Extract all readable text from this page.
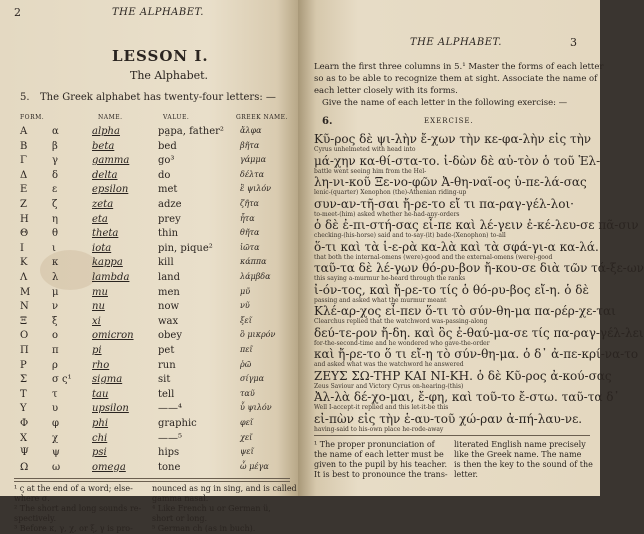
2	THE ALPHABET.
LESSON I.
The Alphabet.
5. The Greek alphabet has twenty-four letters: —
FORM.	NAME.	VALUE.	GREEK NAME.
Α α	alpha	pa̤pa, father² ἄλφα
Β β	beta	bed	βῆτα
Γ	γ	gamma	go³	γάμμα
Δ δ	delta	do	δέλτα
Ε ε	epsilon	met	ἒ ψιλόν
Ζ	ζ	zeta	adze	ζῆτα
Η η	eta	prey	ἦτα
Θ θ	theta	thin	θῆτα
Ι	ι	iota	pin, pique²	ἰῶτα
Κ κ	kappa	kill	κάππα
Λ λ	lambda	land	λάμβδα
Μ μ	mu	men	μῦ
Ν ν	nu	now	νῦ
Ξ ξ	xi	wax	ξεῖ
Ο ο	omicron obey	ὂ μικρόν
Π π	pi	pet	πεῖ
Ρ	ρ	rho	run	ῥῶ
Σ σ ς¹ sigma	sit	σίγμα
Τ	τ	tau	tell	ταῦ
Υ	υ	upsilon	——⁴	ὖ ψιλόν
Φ φ	phi	graphic	φεῖ
Χ χ	chi	——⁵	χεῖ
Ψ ψ	psi	hips	ψεῖ
Ω ω	omega	tone	ὦ μέγα
¹ ς at the end of a word; else-
where σ.
² The short and long sounds re-
spectively.
³ Before κ, γ, χ, or ξ, γ is pro-
nounced as ng in sing, and is called
gamma nasal.
⁴ Like French u or German ü,
short or long.
⁵ German ch (as in buch).
THE ALPHABET.	3
Learn the first three columns in 5.¹ Master the forms of each letter
so as to be able to recognize them at sight. Associate the name of
each letter closely with its forms.
Give the name of each letter in the following exercise: —
6.	EXERCISE.
Κῦ-ρος δὲ ψι-λὴν ἔ-χων τὴν κε-φα-λὴν εἰς τὴν
Cyrus unhelmeted with head into
μά-χην κα-θί-στα-το. ἰ-δὼν δὲ αὐ-τὸν ὁ τοῦ Ἑλ-
battle went seeing him from the Hel-
λη-νι-κοῦ Ξε-νο-φῶν Ἀ-θη-ναῖ-ος ὑ-πε-λά-σας
lenic-(quarter) Xenophon (the)-Athenian riding-up
συν-αν-τῆ-σαι ἤ-ρε-το εἴ τι πα-ραγ-γέλ-λοι·
to-meet-(him) asked whether he-had-any-orders
ὁ δὲ ἐ-πι-στή-σας εἶ-πε καὶ λέ-γειν ἐ-κέ-λευ-σε πᾶ-σιν
checking-(his-horse) said and to-say-(it) bade-(Xenophon) to-all
ὅ-τι καὶ τὰ ἱ-ε-ρὰ κα-λὰ καὶ τὰ σφά-γι-α κα-λά.
that both the internal-omens (were)-good and the external-omens (were)-good
ταῦ-τα δὲ λέ-γων θό-ρυ-βον ἤ-κου-σε διὰ τῶν τά-ξε-ων
this saying a-murmur he-heard through the ranks
ἰ-όν-τος, καὶ ἤ-ρε-το τίς ὁ θό-ρυ-βος εἴ-η. ὁ δὲ
passing and asked what the murmur meant
Κλέ-αρ-χος εἶ-πεν ὅ-τι τὸ σύν-θη-μα πα-ρέρ-χε-ται
Clearchus replied that the watchword was-passing-along
δεύ-τε-ρον ἤ-δη. καὶ ὃς ἐ-θαύ-μα-σε τίς πα-ραγ-γέλ-λει
for-the-second-time and he wondered who gave-the-order
καὶ ἤ-ρε-το ὅ τι εἴ-η τὸ σύν-θη-μα. ὁ δ᾽ ἀ-πε-κρί-να-το
and asked what was the watchword he answered
ΖΕΥΣ ΣΩ-ΤΗΡ ΚΑΙ ΝΙ-ΚΗ. ὁ δὲ Κῦ-ρος ἀ-κού-σας
Zeus Saviour and Victory Cyrus on-hearing-(this)
Ἀλ-λὰ δέ-χο-μαι, ἔ-φη, καὶ τοῦ-το ἔ-στω. ταῦ-τα δ᾽
Well I-accept-it replied and this let-it-be this
εἰ-πὼν εἰς τὴν ἑ-αυ-τοῦ χώ-ραν ἀ-πή-λαυ-νε.
having-said to his-own place he-rode-away
¹ The proper pronunciation of
the name of each letter must be
given to the pupil by his teacher.
It is best to pronounce the trans-
literated English name precisely
like the Greek name. The name
is then the key to the sound of the
letter.
